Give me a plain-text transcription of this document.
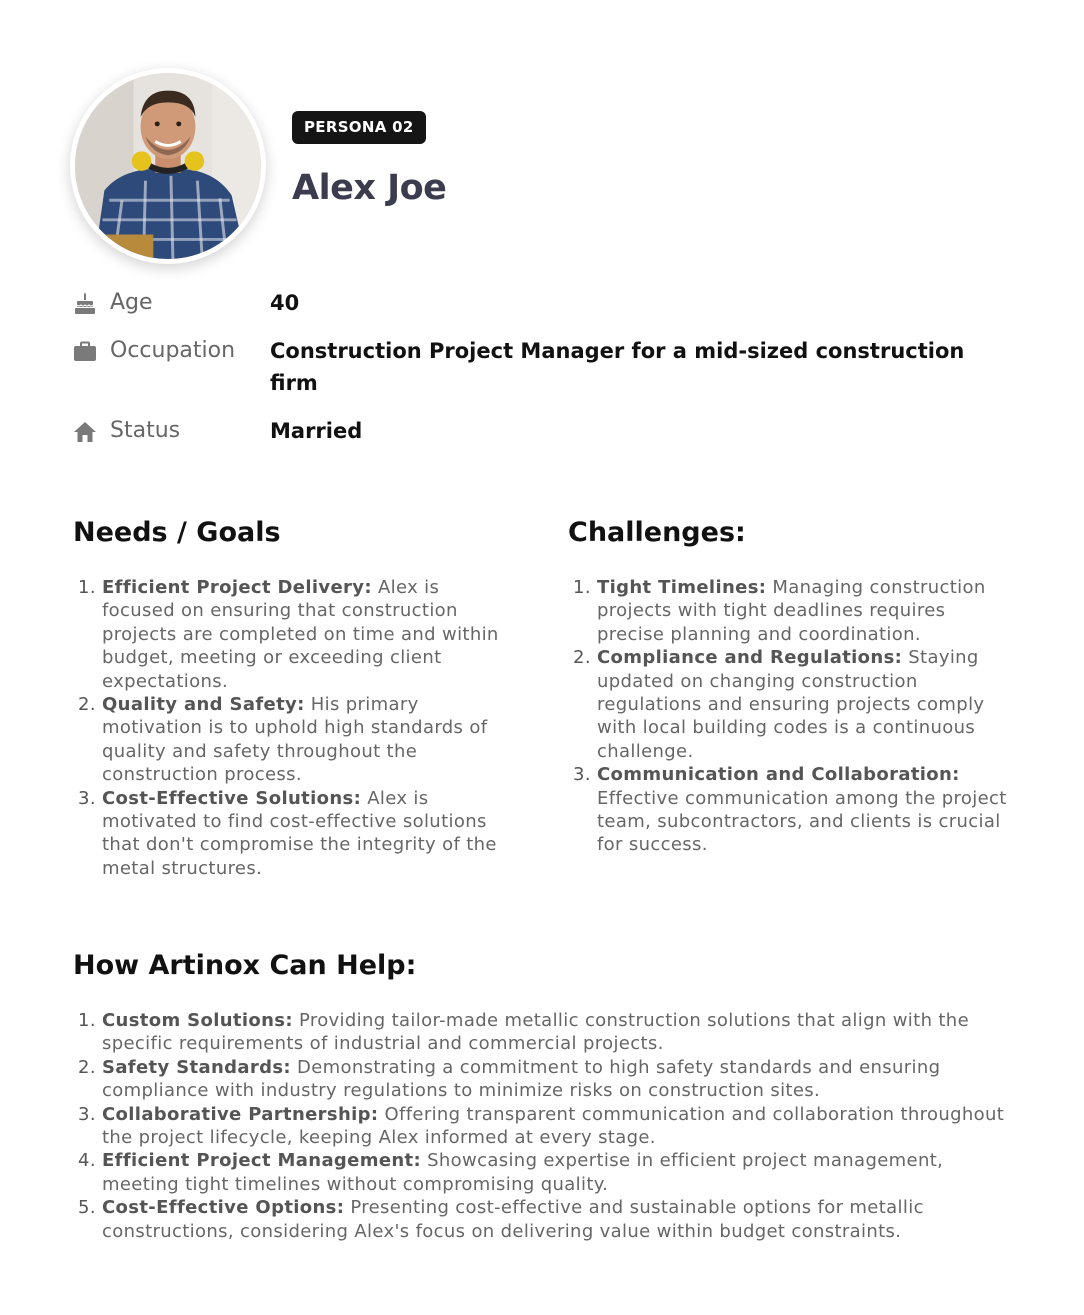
PERSONA 02
Alex Joe
Age	40
Occupation	Construction Project Manager for a mid-sized construction firm
Status	Married
Needs / Goals
1. Efficient Project Delivery: Alex is focused on ensuring that construction projects are completed on time and within budget, meeting or exceeding client expectations.
2. Quality and Safety: His primary motivation is to uphold high standards of quality and safety throughout the construction process.
3. Cost-Effective Solutions: Alex is motivated to find cost-effective solutions that don't compromise the integrity of the metal structures.
Challenges:
1. Tight Timelines: Managing construction projects with tight deadlines requires precise planning and coordination.
2. Compliance and Regulations: Staying updated on changing construction regulations and ensuring projects comply with local building codes is a continuous challenge.
3. Communication and Collaboration: Effective communication among the project team, subcontractors, and clients is crucial for success.
How Artinox Can Help:
1. Custom Solutions: Providing tailor-made metallic construction solutions that align with the specific requirements of industrial and commercial projects.
2. Safety Standards: Demonstrating a commitment to high safety standards and ensuring compliance with industry regulations to minimize risks on construction sites.
3. Collaborative Partnership: Offering transparent communication and collaboration throughout the project lifecycle, keeping Alex informed at every stage.
4. Efficient Project Management: Showcasing expertise in efficient project management, meeting tight timelines without compromising quality.
5. Cost-Effective Options: Presenting cost-effective and sustainable options for metallic constructions, considering Alex's focus on delivering value within budget constraints.
